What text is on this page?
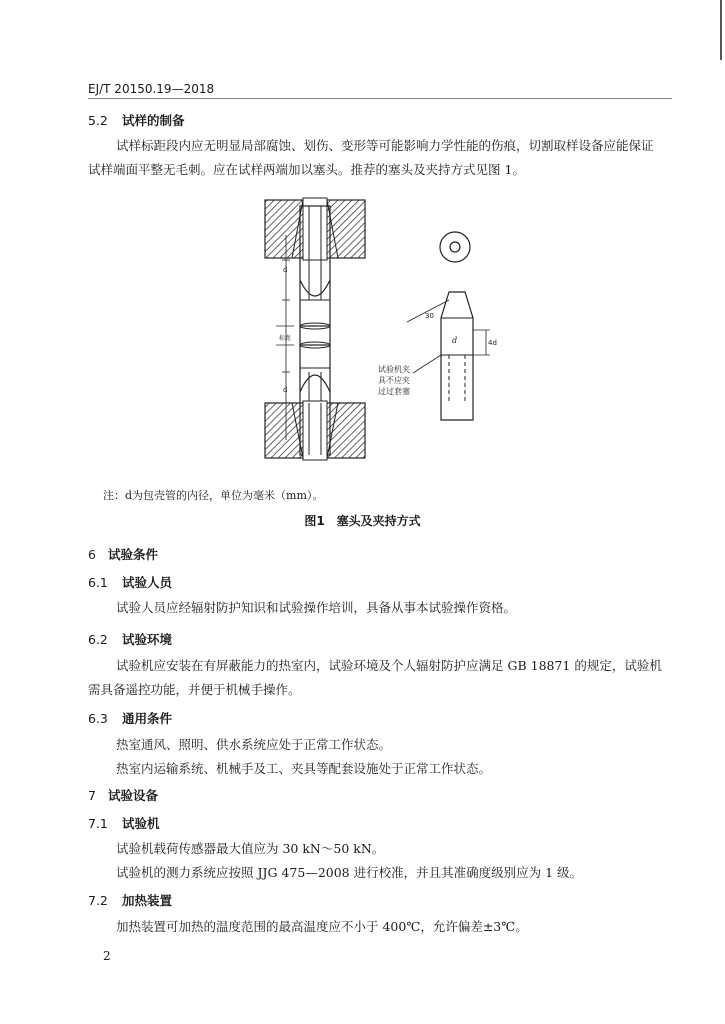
EJ/T 20150.19—2018
5.2 试样的制备
试样标距段内应无明显局部腐蚀、划伤、变形等可能影响力学性能的伤痕，切割取样设备应能保证
试样端面平整无毛刺。应在试样两端加以塞头。推荐的塞头及夹持方式见图 1。
d
d
标距
30
d	4d
试验机夹
具不应夹
过过套塞
注：d为包壳管的内径，单位为毫米（mm）。
图1 塞头及夹持方式
6 试验条件
6.1 试验人员
试验人员应经辐射防护知识和试验操作培训，具备从事本试验操作资格。
6.2 试验环境
试验机应安装在有屏蔽能力的热室内，试验环境及个人辐射防护应满足 GB 18871 的规定，试验机
需具备遥控功能，并便于机械手操作。
6.3 通用条件
热室通风、照明、供水系统应处于正常工作状态。
热室内运输系统、机械手及工、夹具等配套设施处于正常工作状态。
7 试验设备
7.1 试验机
试验机载荷传感器最大值应为 30 kN～50 kN。
试验机的测力系统应按照 JJG 475—2008 进行校准，并且其准确度级别应为 1 级。
7.2 加热装置
加热装置可加热的温度范围的最高温度应不小于 400℃，允许偏差±3℃。
2
